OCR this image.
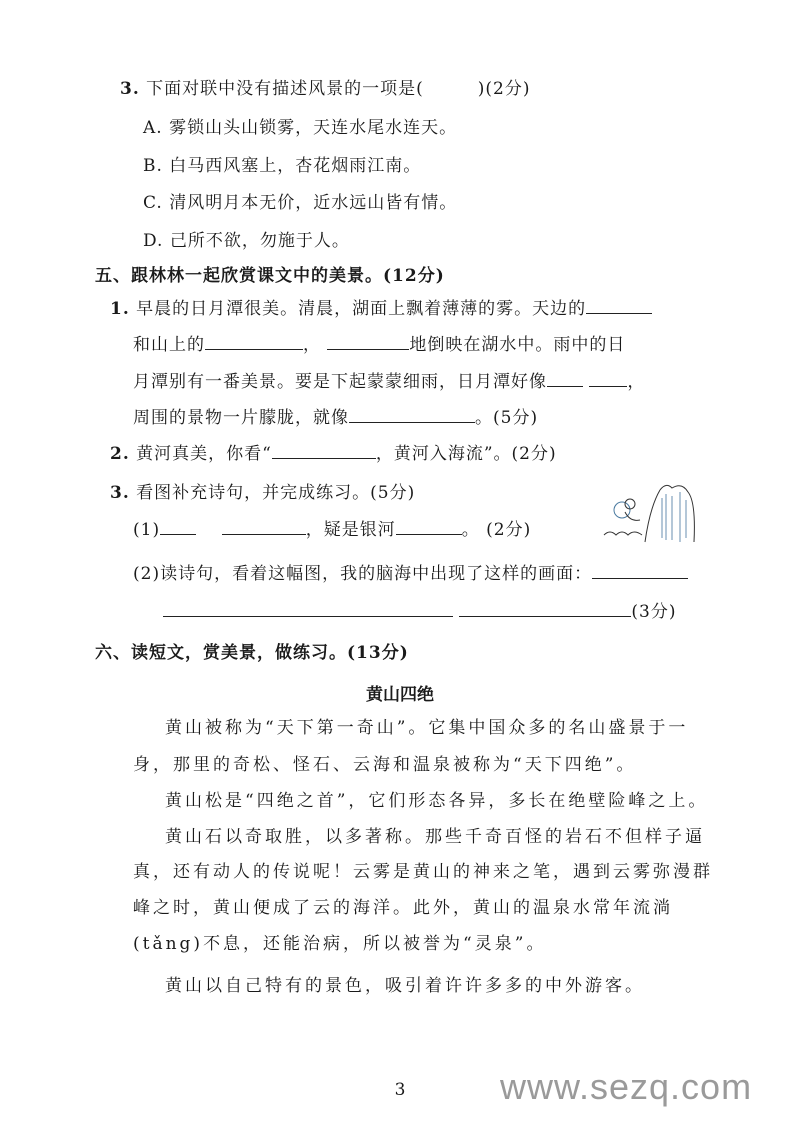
3. 下面对联中没有描述风景的一项是(　　　)(2分)
A. 雾锁山头山锁雾，天连水尾水连天。
B. 白马西风塞上，杏花烟雨江南。
C. 清风明月本无价，近水远山皆有情。
D. 己所不欲，勿施于人。
五、跟林林一起欣赏课文中的美景。(12分)
1. 早晨的日月潭很美。清晨，湖面上飘着薄薄的雾。天边的
和山上的	，	地倒映在湖水中。雨中的日
月潭别有一番美景。要是下起蒙蒙细雨，日月潭好像	，
周围的景物一片朦胧，就像	。(5分)
2. 黄河真美，你看“	，黄河入海流”。(2分)
3. 看图补充诗句，并完成练习。(5分)
(1)	，疑是银河	。 (2分)
(2)读诗句，看着这幅图，我的脑海中出现了这样的画面：
(3分)
六、读短文，赏美景，做练习。(13分)
黄山四绝
黄山被称为“天下第一奇山”。它集中国众多的名山盛景于一
身，那里的奇松、怪石、云海和温泉被称为“天下四绝”。
黄山松是“四绝之首”，它们形态各异，多长在绝壁险峰之上。
黄山石以奇取胜，以多著称。那些千奇百怪的岩石不但样子逼
真，还有动人的传说呢！云雾是黄山的神来之笔，遇到云雾弥漫群
峰之时，黄山便成了云的海洋。此外，黄山的温泉水常年流淌
(tǎng)不息，还能治病，所以被誉为“灵泉”。
黄山以自己特有的景色，吸引着许许多多的中外游客。
3	www.sezq.com
